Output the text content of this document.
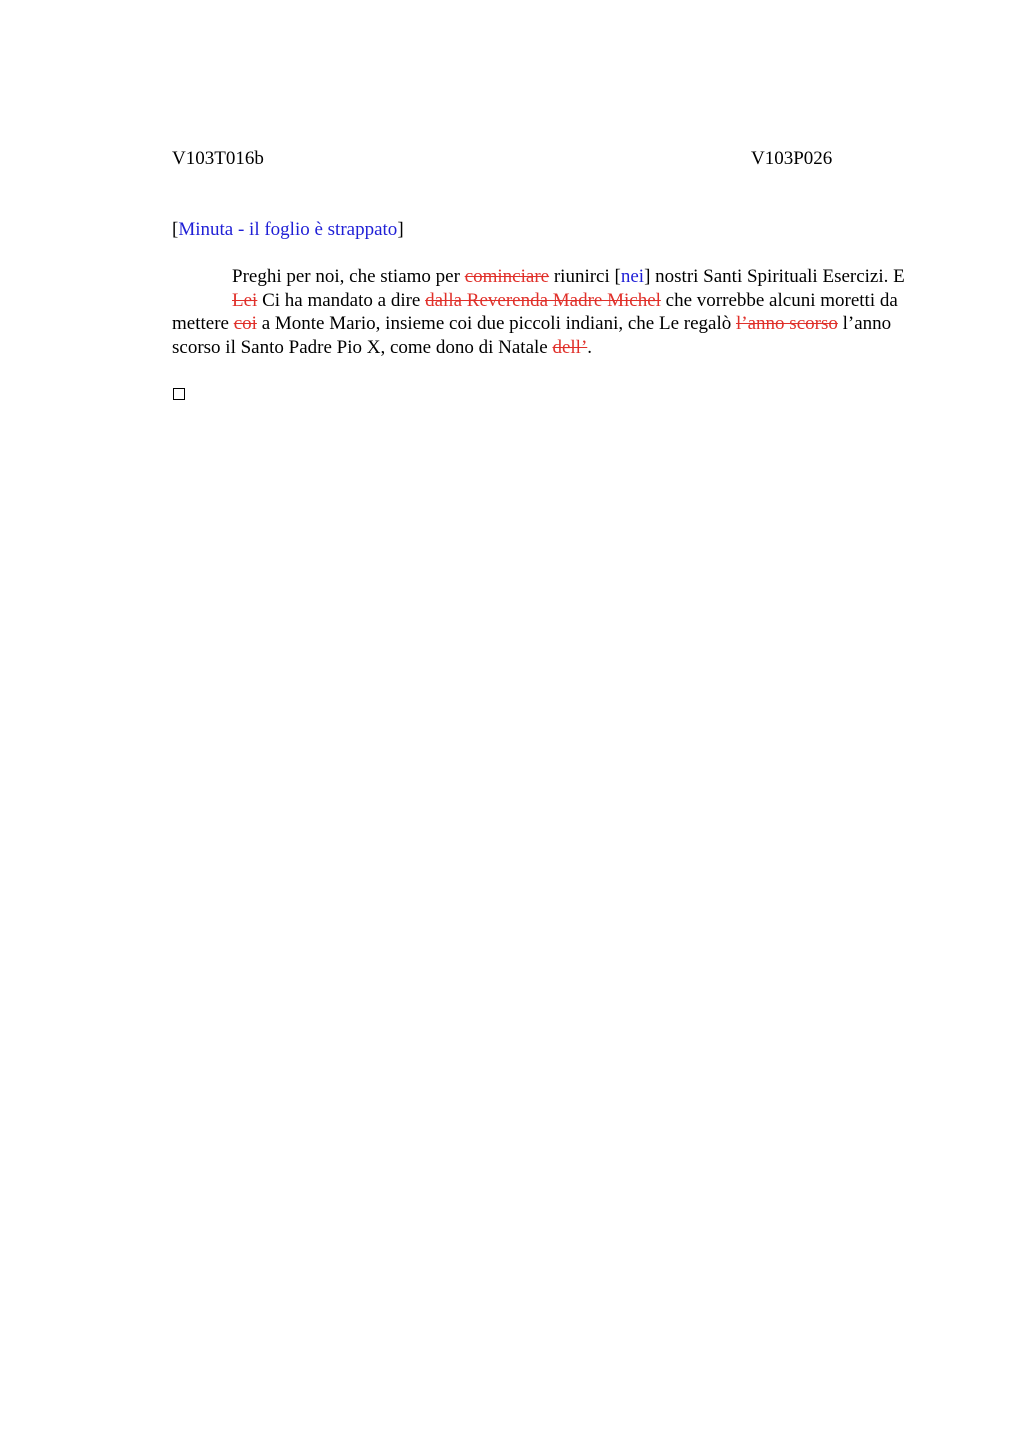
V103T016b	V103P026
[Minuta - il foglio è strappato]

Preghi per noi, che stiamo per cominciare riunirci [nei] nostri Santi Spirituali Esercizi. E

Lei Ci ha mandato a dire dalla Reverenda Madre Michel che vorrebbe alcuni moretti da mettere coi a Monte Mario, insieme coi due piccoli indiani, che Le regalò l’anno scorso l’anno scorso il Santo Padre Pio X, come dono di Natale dell’.
